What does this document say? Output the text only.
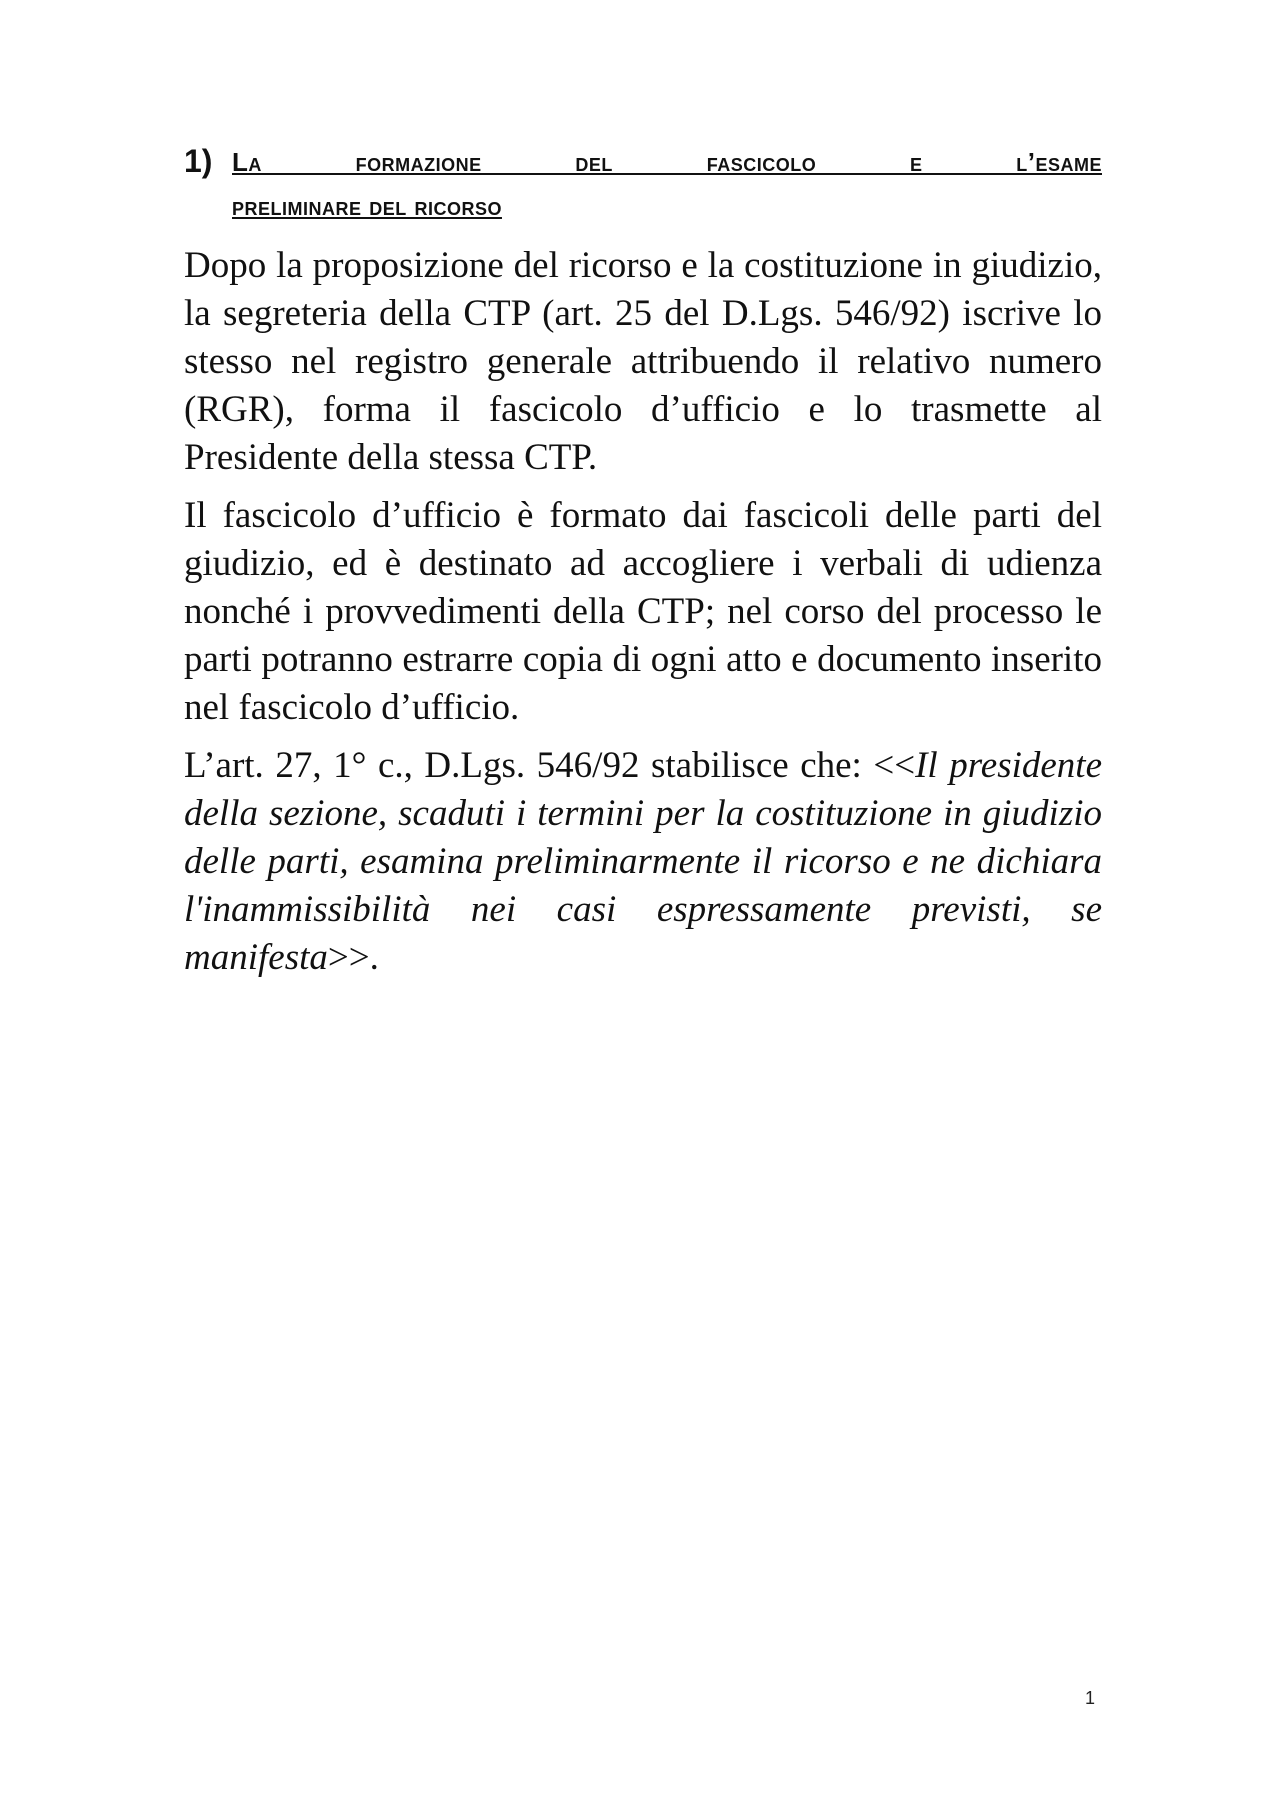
1) La formazione del fascicolo e l’esame
preliminare del ricorso

Dopo la proposizione del ricorso e la costituzione in giudizio, la segreteria della CTP (art. 25 del D.Lgs. 546/92) iscrive lo stesso nel registro generale attribuendo il relativo numero (RGR), forma il fascicolo d’ufficio e lo trasmette al Presidente della stessa CTP.

Il fascicolo d’ufficio è formato dai fascicoli delle parti del giudizio, ed è destinato ad accogliere i verbali di udienza nonché i provvedimenti della CTP; nel corso del processo le parti potranno estrarre copia di ogni atto e documento inserito nel fascicolo d’ufficio.

L’art. 27, 1° c., D.Lgs. 546/92 stabilisce che: <<Il presidente della sezione, scaduti i termini per la costituzione in giudizio delle parti, esamina preliminarmente il ricorso e ne dichiara l'inammissibilità nei casi espressamente previsti, se manifesta>>.

1
